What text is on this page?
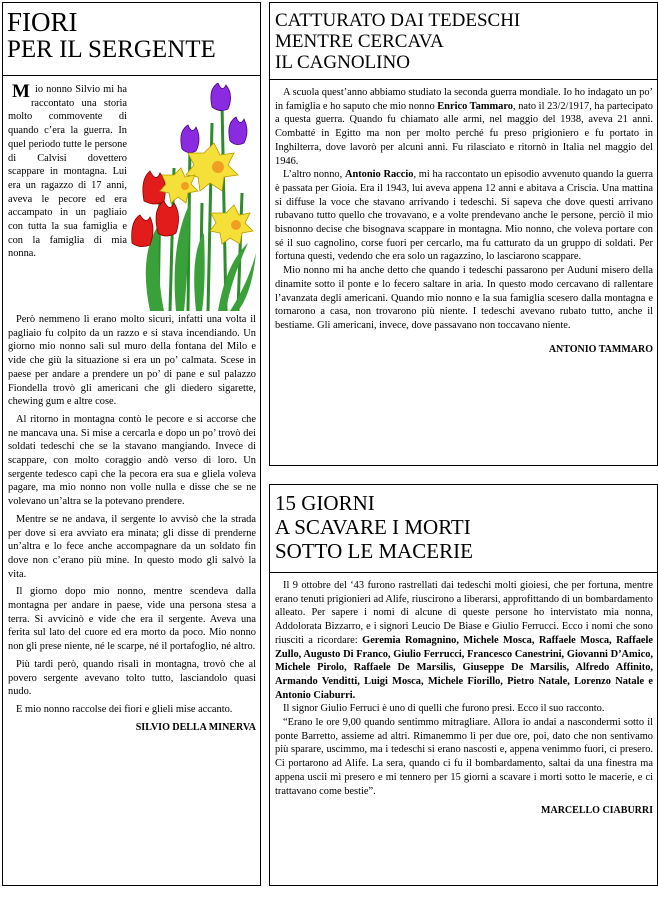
FIORI
PER IL SERGENTE

Mio nonno Silvio mi ha raccontato una storia molto commovente di quando c’era la guerra. In quel periodo tutte le persone di Calvisi dovettero scappare in montagna. Lui era un ragazzo di 17 anni, aveva le pecore ed era accampato in un pagliaio con tutta la sua famiglia e con la famiglia di mia nonna.

Però nemmeno lì erano molto sicuri, infatti una volta il pagliaio fu colpito da un razzo e si stava incendiando. Un giorno mio nonno salì sul muro della fontana del Milo e vide che giù la situazione si era un po’ calmata. Scese in paese per andare a prendere un po’ di pane e sul palazzo Fiondella trovò gli americani che gli diedero sigarette, chewing gum e altre cose.

Al ritorno in montagna contò le pecore e si accorse che ne mancava una. Si mise a cercarla e dopo un po’ trovò dei soldati tedeschi che se la stavano mangiando. Invece di scappare, con molto coraggio andò verso di loro. Un sergente tedesco capì che la pecora era sua e gliela voleva pagare, ma mio nonno non volle nulla e disse che se ne volevano un’altra se la potevano prendere.

Mentre se ne andava, il sergente lo avvisò che la strada per dove si era avviato era minata; gli disse di prenderne un’altra e lo fece anche accompagnare da un soldato fin dove non c’erano più mine. In questo modo gli salvò la vita.

Il giorno dopo mio nonno, mentre scendeva dalla montagna per andare in paese, vide una persona stesa a terra. Si avvicinò e vide che era il sergente. Aveva una ferita sul lato del cuore ed era morto da poco. Mio nonno non gli prese niente, né le scarpe, né il portafoglio, né altro.

Più tardi però, quando risalì in montagna, trovò che al povero sergente avevano tolto tutto, lasciandolo quasi nudo.

E mio nonno raccolse dei fiori e glieli mise accanto.

SILVIO DELLA MINERVA
CATTURATO DAI TEDESCHI
MENTRE CERCAVA
IL CAGNOLINO

A scuola quest’anno abbiamo studiato la seconda guerra mondiale. Io ho indagato un po’ in famiglia e ho saputo che mio nonno Enrico Tammaro, nato il 23/2/1917, ha partecipato a questa guerra. Quando fu chiamato alle armi, nel maggio del 1938, aveva 21 anni. Combatté in Egitto ma non per molto perché fu preso prigioniero e fu portato in Inghilterra, dove lavorò per alcuni anni. Fu rilasciato e ritornò in Italia nel maggio del 1946.

L’altro nonno, Antonio Raccio, mi ha raccontato un episodio avvenuto quando la guerra è passata per Gioia. Era il 1943, lui aveva appena 12 anni e abitava a Criscia. Una mattina si diffuse la voce che stavano arrivando i tedeschi. Si sapeva che dove questi arrivano rubavano tutto quello che trovavano, e a volte prendevano anche le persone, perciò il mio bisnonno decise che bisognava scappare in montagna. Mio nonno, che voleva portare con sé il suo cagnolino, corse fuori per cercarlo, ma fu catturato da un gruppo di soldati. Per fortuna questi, vedendo che era solo un ragazzino, lo lasciarono scappare.

Mio nonno mi ha anche detto che quando i tedeschi passarono per Auduni misero della dinamite sotto il ponte e lo fecero saltare in aria. In questo modo cercavano di rallentare l’avanzata degli americani. Quando mio nonno e la sua famiglia scesero dalla montagna e tornarono a casa, non trovarono più niente. I tedeschi avevano rubato tutto, anche il bestiame. Gli americani, invece, dove passavano non toccavano niente.

ANTONIO TAMMARO
15 GIORNI
A SCAVARE I MORTI
SOTTO LE MACERIE

Il 9 ottobre del ‘43 furono rastrellati dai tedeschi molti gioiesi, che per fortuna, mentre erano tenuti prigionieri ad Alife, riuscirono a liberarsi, approfittando di un bombardamento alleato. Per sapere i nomi di alcune di queste persone ho intervistato mia nonna, Addolorata Bizzarro, e i signori Leucio De Biase e Giulio Ferrucci. Ecco i nomi che sono riusciti a ricordare: Geremia Romagnino, Michele Mosca, Raffaele Mosca, Raffaele Zullo, Augusto Di Franco, Giulio Ferrucci, Francesco Canestrini, Giovanni D’Amico, Michele Pirolo, Raffaele De Marsilis, Giuseppe De Marsilis, Alfredo Affinito, Armando Venditti, Luigi Mosca, Michele Fiorillo, Pietro Natale, Lorenzo Natale e Antonio Ciaburri.

Il signor Giulio Ferruci è uno di quelli che furono presi. Ecco il suo racconto.

“Erano le ore 9,00 quando sentimmo mitragliare. Allora io andai a nascondermi sotto il ponte Barretto, assieme ad altri. Rimanemmo lì per due ore, poi, dato che non sentivamo più sparare, uscimmo, ma i tedeschi si erano nascosti e, appena venimmo fuori, ci presero. Ci portarono ad Alife. La sera, quando ci fu il bombardamento, saltai da una finestra ma appena uscii mi presero e mi tennero per 15 giorni a scavare i morti sotto le macerie, e ci trattavano come bestie”.

MARCELLO CIABURRI
